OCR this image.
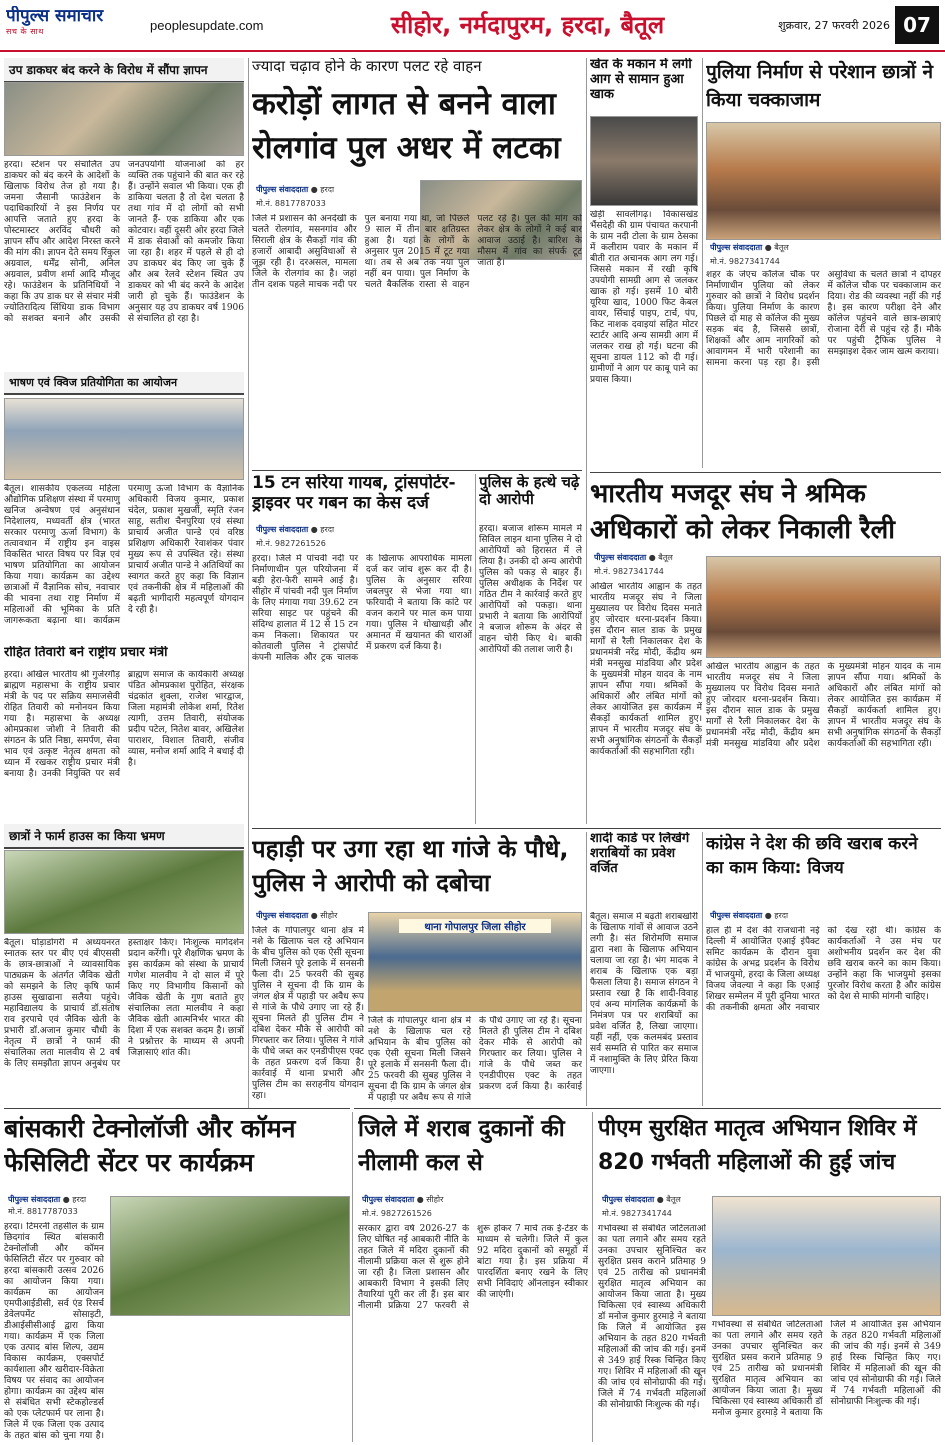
पीपुल्स समाचार
सच के साथ	peoplesupdate.com	सीहोर, नर्मदापुरम, हरदा, बैतूल	शुक्रवार, 27 फरवरी 2026 07
उप डाकघर बंद करने के विरोध में सौंपा ज्ञापन
हरदा। स्टेशन पर संचालित उप डाकघर को बंद करने के आदेशों के खिलाफ विरोध तेज हो गया है। जमना जैसानी फाउंडेशन के पदाधिकारियों ने इस निर्णय पर आपत्ति जताते हुए हरदा के पोस्टमास्टर अरविंद चौधरी को ज्ञापन सौंप और आदेश निरस्त करने की मांग की। ज्ञापन देते समय रिंकुल अग्रवाल, धर्मेंद्र सोनी, अनिल अग्रवाल, प्रवीण शर्मा आदि मौजूद रहे। फाउंडेशन के प्रतिनिधियों ने कहा कि उप डाक घर से संचार मंत्री ज्योतिरादित्य सिंधिया डाक विभाग को सशक्त बनाने और उसकी जनउपयोगी योजनाओं को हर व्यक्ति तक पहुंचाने की बात कर रहे हैं। उन्होंने सवाल भी किया। एक ही डाकिया चलता है तो देश चलता है तथा गांव में दो लोगों को सभी जानते हैं- एक डाकिया और एक कोटवार। वहीं दूसरी ओर हरदा जिले में डाक सेवाओं को कमजोर किया जा रहा है। शहर में पहले से ही दो उप डाकघर बंद किए जा चुके हैं और अब रेलवे स्टेशन स्थित उप डाकघर को भी बंद करने के आदेश जारी हो चुके हैं। फाउंडेशन के अनुसार यह उप डाकघर वर्ष 1906 से संचालित हो रहा है।
भाषण एवं क्विज प्रतियोगिता का आयोजन
बैतूल। शासकीय एकलव्य महिला औद्योगिक प्रशिक्षण संस्था में परमाणु खनिज अन्वेषण एवं अनुसंधान निदेशालय, मध्यवर्ती क्षेत्र (भारत सरकार परमाणु ऊर्जा विभाग) के तत्वावधान में राष्ट्रीय इन वाइस विकसित भारत विषय पर विज्ञ एवं भाषण प्रतियोगिता का आयोजन किया गया। कार्यक्रम का उद्देश्य छात्राओं में वैज्ञानिक सोच, नवाचार की भावना तथा राष्ट्र निर्माण में महिलाओं की भूमिका के प्रति जागरूकता बढ़ाना था। कार्यक्रम परमाणु ऊर्जा विभाग के वैज्ञानिक अधिकारी विजय कुमार, प्रकाश चंदेल, प्रकाश मुखर्जी, स्मृति रंजन साहू, सतीश चैनपुरिया एवं संस्था प्राचार्य अजीत पान्डे एवं वरिष्ठ प्रशिक्षण अधिकारी रेवाशंकर पंवार मुख्य रूप से उपस्थित रहे। संस्था प्राचार्य अजीत पान्डे ने अतिथियों का स्वागत करते हुए कहा कि विज्ञान एवं तकनीकी क्षेत्र में महिलाओं की बढ़ती भागीदारी महत्वपूर्ण योगदान दे रही है।
रोहित तिवारी बने राष्ट्रीय प्रचार मंत्री
हरदा। अखिल भारतीय श्री गुर्जरगौड़ ब्राह्मण महासभा के राष्ट्रीय प्रचार मंत्री के पद पर सक्रिय समाजसेवी रोहित तिवारी को मनोनयन किया गया है। महासभा के अध्यक्ष ओमप्रकाश जोशी ने तिवारी की संगठन के प्रति निष्ठा, समर्पण, सेवा भाव एवं उत्कृष्ट नेतृत्व क्षमता को ध्यान में रखकर राष्ट्रीय प्रचार मंत्री बनाया है। उनकी नियुक्ति पर सर्व ब्राह्मण समाज के कार्यकारी अध्यक्ष पंडित ओमप्रकाश पुरोहित, संरक्षक चंद्रकांत शुक्ला, राजेश भारद्वाज, जिला महामंत्री लोकेश शर्मा, रितेश त्यागी, उत्तम तिवारी, संयोजक प्रदीप पटेल, नितेश बावर, अखिलेश पाराशर, विशाल तिवारी, संजीव व्यास, मनोज शर्मा आदि ने बधाई दी है।
छात्रों ने फार्म हाउस का किया भ्रमण
बैतूल। घोड़ाडोंगरी में अध्ययनरत स्नातक स्तर पर बीए एवं बीएससी के छात्र-छात्राओं ने व्यावसायिक पाठ्यक्रम के अंतर्गत जैविक खेती को समझने के लिए कृषि फार्म हाउस सुखाढाना सलैया पहुंचे। महाविद्यालय के प्राचार्य डॉ.संतोष राव इरपाचे एवं जैविक खेती के प्रभारी डॉ.अजान कुमार चौधी के नेतृत्व में छात्रों ने फार्म की संचालिका लता मालवीय से 2 वर्ष के लिए समझौता ज्ञापन अनुबंध पर हस्ताक्षर किए। निःशुल्क मार्गदर्शन प्रदान करेंगी। पूरे शैक्षणिक भ्रमण के इस कार्यक्रम को संस्था के प्राचार्य गणेश मालवीय ने दो साल में पूरे किए गए विभागीय किसानों को जैविक खेती के गुण बताते हुए संचालिका लता मालवीय ने कहा जैविक खेती आत्मनिर्भर भारत की दिशा में एक सशक्त कदम है। छात्रों ने प्रश्नोत्तर के माध्यम से अपनी जिज्ञासाएं शांत की।
बांसकारी टेक्नोलॉजी और कॉमन फेसिलिटी सेंटर पर कार्यक्रम
पीपुल्स संवाददाता ● हरदा
मो.नं. 8817787033
हरदा। टिमरनी तहसील के ग्राम छिदगांव स्थित बांसकारी टेक्नोलॉजी और कॉमन फेसिलिटी सेंटर पर गुरुवार को हरदा बांसकारी उत्सव 2026 का आयोजन किया गया। कार्यक्रम का आयोजन एमपीआईडीसी, सर्व एंड रिसर्च डेवेलपमेंट सोसाइटी, डीआईसीसीआई द्वारा किया गया। कार्यक्रम में एक जिला एक उत्पाद बांस शिल्प, उद्यम विकास कार्यक्रम, एक्सपोर्ट कार्यशाला और खरीदार-विक्रेता विषय पर संवाद का आयोजन होगा। कार्यक्रम का उद्देश्य बांस से संबंधित सभी स्टेकहोल्डर्स को एक प्लेटफार्म पर लाना है। जिले में एक जिला एक उत्पाद के तहत बांस को चुना गया है।
ज्यादा चढ़ाव होने के कारण पलट रहे वाहन
करोड़ों लागत से बनने वाला रोलगांव पुल अधर में लटका
पीपुल्स संवाददाता ● हरदा
मो.नं. 8817787033
जिले में प्रशासन की अनदेखी के चलते रोलगांव, मसनगांव और सिराली क्षेत्र के सैकड़ों गांव की हजारों आबादी असुविधाओं से जूझ रही है। दरअसल, मामला जिले के रोलगांव का है। जहां तीन दशक पहले माचक नदी पर पुल बनाया गया था, जो पिछले 9 साल में तीन बार क्षतिग्रस्त हुआ है। यहां के लोगों के अनुसार पुल 2015 में टूट गया था। तब से अब तक नया पुल नहीं बन पाया। पुल निर्माण के चलते बैकलिंक रास्ता से वाहन पलट रहे हैं। पुल की मांग को लेकर क्षेत्र के लोगों ने कई बार आवाज उठाई है। बारिश के मौसम में गांव का संपर्क टूट जाता है।
15 टन सरिया गायब, ट्रांसपोर्टर-ड्राइवर पर गबन का केस दर्ज
पीपुल्स संवाददाता ● हरदा
मो.नं. 9827261526
हरदा। जिले में पांचवी नदी पर निर्माणाधीन पुल परियोजना में बड़ी हेरा-फेरी सामने आई है। सीहोर में पांचवी नदी पुल निर्माण के लिए मंगाया गया 39.62 टन सरिया साइट पर पहुंचने की संदिग्ध हालात में 12 से 15 टन कम निकला। शिकायत पर कोतवाली पुलिस ने ट्रांसपोर्ट कंपनी मालिक और ट्रक चालक के खिलाफ आपराधिक मामला दर्ज कर जांच शुरू कर दी है। पुलिस के अनुसार सरिया जबलपुर से भेजा गया था। फरियादी ने बताया कि कांटे पर वजन कराने पर माल कम पाया गया। पुलिस ने धोखाधड़ी और अमानत में खयानत की धाराओं में प्रकरण दर्ज किया है।
पुलिस के हत्थे चढ़े दो आरोपी
हरदा। बजाज शोरूम मामले में सिविल लाइन थाना पुलिस ने दो आरोपियों को हिरासत में ले लिया है। उनकी दो अन्य आरोपी पुलिस को पकड़ से बाहर हैं। पुलिस अधीक्षक के निर्देश पर गठित टीम ने कार्रवाई करते हुए आरोपियों को पकड़ा। थाना प्रभारी ने बताया कि आरोपियों ने बजाज शोरूम के अंदर से वाहन चोरी किए थे। बाकी आरोपियों की तलाश जारी है।
खेत के मकान में लगी आग से सामान हुआ खाक
खेड़ी सावलीगढ़। विकासखंड भैंसदेही की ग्राम पंचायत करपानी के ग्राम नदी टोला के ग्राम ठेसका में कलीराम पवार के मकान में बीती रात अचानक आग लग गई। जिससे मकान में रखी कृषि उपयोगी सामग्री आग से जलकर खाक हो गई। इसमें 10 बोरी यूरिया खाद, 1000 फिट केबल वायर, सिंचाई पाइप, टार्च, पंप, किट नाशक दवाइयां सहित मोटर स्टार्टर आदि अन्य सामग्री आग में जलकर राख हो गई। घटना की सूचना डायल 112 को दी गई। ग्रामीणों ने आग पर काबू पाने का प्रयास किया।
पुलिया निर्माण से परेशान छात्रों ने किया चक्काजाम
पीपुल्स संवाददाता ● बैतूल
मो.नं. 9827341744
शहर के जेएच कॉलेज चौक पर निर्माणाधीन पुलिया को लेकर गुरुवार को छात्रों ने विरोध प्रदर्शन किया। पुलिया निर्माण के कारण पिछले दो माह से कॉलेज की मुख्य सड़क बंद है, जिससे छात्रों, शिक्षकों और आम नागरिकों को आवागमन में भारी परेशानी का सामना करना पड़ रहा है। इसी असुविधा के चलते छात्रों ने दोपहर में कॉलेज चौक पर चक्काजाम कर दिया। रोड की व्यवस्था नहीं की गई है। इस कारण परीक्षा देने और कॉलेज पहुंचने वाले छात्र-छात्राएं रोजाना देरी से पहुंच रहे हैं। मौके पर पहुंची ट्रैफिक पुलिस ने समझाइश देकर जाम खत्म कराया।
भारतीय मजदूर संघ ने श्रमिक अधिकारों को लेकर निकाली रैली
पीपुल्स संवाददाता ● बैतूल
मो.नं. 9827341744
अखिल भारतीय आह्वान के तहत भारतीय मजदूर संघ ने जिला मुख्यालय पर विरोध दिवस मनाते हुए जोरदार धरना-प्रदर्शन किया। इस दौरान साल डाक के प्रमुख मार्गों से रैली निकालकर देश के प्रधानमंत्री नरेंद्र मोदी, केंद्रीय श्रम मंत्री मनसुख मांडविया और प्रदेश के मुख्यमंत्री मोहन यादव के नाम ज्ञापन सौंपा गया। श्रमिकों के अधिकारों और लंबित मांगों को लेकर आयोजित इस कार्यक्रम में सैकड़ों कार्यकर्ता शामिल हुए। ज्ञापन में भारतीय मजदूर संघ के सभी अनुषांगिक संगठनों के सैकड़ों कार्यकर्ताओं की सहभागिता रही।
अखिल भारतीय आह्वान के तहत भारतीय मजदूर संघ ने जिला मुख्यालय पर विरोध दिवस मनाते हुए जोरदार धरना-प्रदर्शन किया। इस दौरान साल डाक के प्रमुख मार्गों से रैली निकालकर देश के प्रधानमंत्री नरेंद्र मोदी, केंद्रीय श्रम मंत्री मनसुख मांडविया और प्रदेश के मुख्यमंत्री मोहन यादव के नाम ज्ञापन सौंपा गया। श्रमिकों के अधिकारों और लंबित मांगों को लेकर आयोजित इस कार्यक्रम में सैकड़ों कार्यकर्ता शामिल हुए। ज्ञापन में भारतीय मजदूर संघ के सभी अनुषांगिक संगठनों के सैकड़ों कार्यकर्ताओं की सहभागिता रही।
पहाड़ी पर उगा रहा था गांजे के पौधे, पुलिस ने आरोपी को दबोचा
पीपुल्स संवाददाता ● सीहोर
जिले के गोपालपुर थाना क्षेत्र में नशे के खिलाफ चल रहे अभियान के बीच पुलिस को एक ऐसी सूचना मिली जिसने पूरे इलाके में सनसनी फैला दी। 25 फरवरी की सुबह पुलिस ने सूचना दी कि ग्राम के जंगल क्षेत्र में पहाड़ी पर अवैध रूप से गांजे के पौधे उगाए जा रहे हैं। सूचना मिलते ही पुलिस टीम ने दबिश देकर मौके से आरोपी को गिरफ्तार कर लिया। पुलिस ने गांजे के पौधे जब्त कर एनडीपीएस एक्ट के तहत प्रकरण दर्ज किया है। कार्रवाई में थाना प्रभारी और पुलिस टीम का सराहनीय योगदान रहा।
थाना गोपालपुर जिला सीहोर
जिले के गोपालपुर थाना क्षेत्र में नशे के खिलाफ चल रहे अभियान के बीच पुलिस को एक ऐसी सूचना मिली जिसने पूरे इलाके में सनसनी फैला दी। 25 फरवरी की सुबह पुलिस ने सूचना दी कि ग्राम के जंगल क्षेत्र में पहाड़ी पर अवैध रूप से गांजे के पौधे उगाए जा रहे हैं। सूचना मिलते ही पुलिस टीम ने दबिश देकर मौके से आरोपी को गिरफ्तार कर लिया। पुलिस ने गांजे के पौधे जब्त कर एनडीपीएस एक्ट के तहत प्रकरण दर्ज किया है। कार्रवाई
शादी कार्ड पर लिखेंगे शराबियों का प्रवेश वर्जित
बैतूल। समाज में बढ़ती शराबखोरी के खिलाफ गांवों से आवाज उठने लगी है। संत शिरोमणि समाज द्वारा नशा के खिलाफ अभियान चलाया जा रहा है। भंग मादक ने शराब के खिलाफ एक बड़ा फैसला लिया है। समाज संगठन ने प्रस्ताव रखा है कि शादी-विवाह एवं अन्य मांगलिक कार्यक्रमों के निमंत्रण पत्र पर शराबियों का प्रवेश वर्जित है, लिखा जाएगा। यहीं नहीं, एक कलमबंद प्रस्ताव सर्व सम्मति से पारित कर समाज में नशामुक्ति के लिए प्रेरित किया जाएगा।
कांग्रेस ने देश की छवि खराब करने का काम किया: विजय
पीपुल्स संवाददाता ● हरदा
हाल ही में देश की राजधानी नई दिल्ली में आयोजित एआई इंपैक्ट समिट कार्यक्रम के दौरान युवा कांग्रेस के अभद्र प्रदर्शन के विरोध में भाजयुमो, हरदा के जिला अध्यक्ष विजय जेवल्या ने कहा कि एआई शिखर सम्मेलन में पूरी दुनिया भारत की तकनीकी क्षमता और नवाचार को देख रही थी। कांग्रेस के कार्यकर्ताओं ने उस मंच पर अशोभनीय प्रदर्शन कर देश की छवि खराब करने का काम किया। उन्होंने कहा कि भाजयुमो इसका पुरजोर विरोध करता है और कांग्रेस को देश से माफी मांगनी चाहिए।
जिले में शराब दुकानों की नीलामी कल से
पीपुल्स संवाददाता ● सीहोर
मो.नं. 9827261526
सरकार द्वारा वर्ष 2026-27 के लिए घोषित नई आबकारी नीति के तहत जिले में मदिरा दुकानों की नीलामी प्रक्रिया कल से शुरू होने जा रही है। जिला प्रशासन और आबकारी विभाग ने इसकी लिए तैयारियां पूरी कर ली हैं। इस बार नीलामी प्रक्रिया 27 फरवरी से शुरू होकर 7 मार्च तक ई-टेंडर के माध्यम से चलेगी। जिले में कुल 92 मदिरा दुकानों को समूहों में बांटा गया है। इस प्रक्रिया में पारदर्शिता बनाए रखने के लिए सभी निविदाएं ऑनलाइन स्वीकार की जाएंगी।
पीएम सुरक्षित मातृत्व अभियान शिविर में 820 गर्भवती महिलाओं की हुई जांच
पीपुल्स संवाददाता ● बैतूल
मो.नं. 9827341744
गर्भावस्था से संबंधित जटिलताओं का पता लगाने और समय रहते उनका उपचार सुनिश्चित कर सुरक्षित प्रसव कराने प्रतिमाह 9 एवं 25 तारीख को प्रधानमंत्री सुरक्षित मातृत्व अभियान का आयोजन किया जाता है। मुख्य चिकित्सा एवं स्वास्थ्य अधिकारी डॉ मनोज कुमार हुरमाड़े ने बताया कि जिले में आयोजित इस अभियान के तहत 820 गर्भवती महिलाओं की जांच की गई। इनमें से 349 हाई रिस्क चिन्हित किए गए। शिविर में महिलाओं की खून की जांच एवं सोनोग्राफी की गई। जिले में 74 गर्भवती महिलाओं की सोनोग्राफी निःशुल्क की गई।
गर्भावस्था से संबंधित जटिलताओं का पता लगाने और समय रहते उनका उपचार सुनिश्चित कर सुरक्षित प्रसव कराने प्रतिमाह 9 एवं 25 तारीख को प्रधानमंत्री सुरक्षित मातृत्व अभियान का आयोजन किया जाता है। मुख्य चिकित्सा एवं स्वास्थ्य अधिकारी डॉ मनोज कुमार हुरमाड़े ने बताया कि जिले में आयोजित इस अभियान के तहत 820 गर्भवती महिलाओं की जांच की गई। इनमें से 349 हाई रिस्क चिन्हित किए गए। शिविर में महिलाओं की खून की जांच एवं सोनोग्राफी की गई। जिले में 74 गर्भवती महिलाओं की सोनोग्राफी निःशुल्क की गई।
